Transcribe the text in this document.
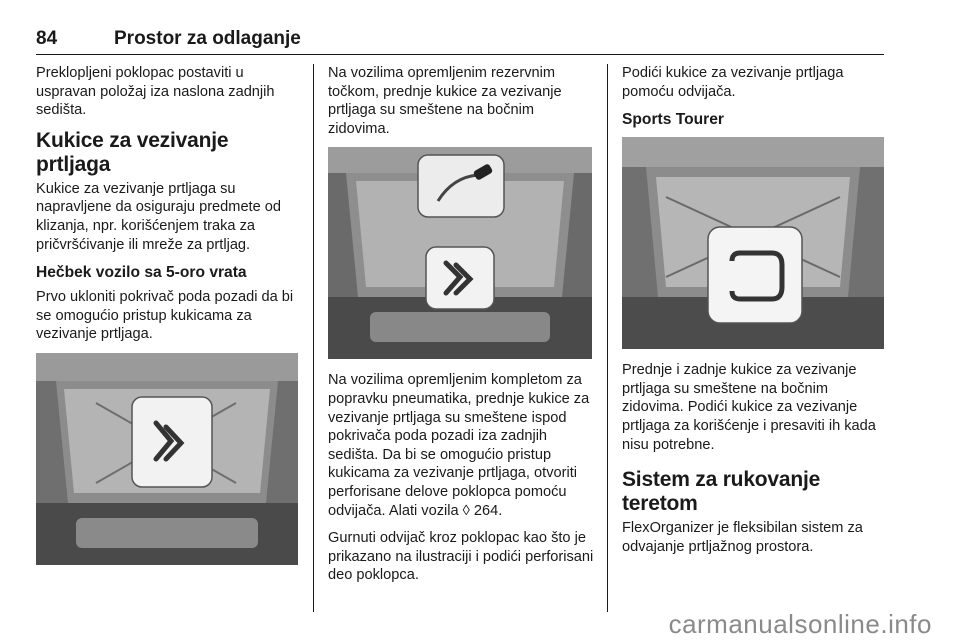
84	Prostor za odlaganje

Preklopljeni poklopac postaviti u uspravan položaj iza naslona zadnjih sedišta.

Kukice za vezivanje prtljaga

Kukice za vezivanje prtljaga su napravljene da osiguraju predmete od klizanja, npr. korišćenjem traka za pričvršćivanje ili mreže za prtljag.

Hečbek vozilo sa 5-oro vrata

Prvo ukloniti pokrivač poda pozadi da bi se omogućio pristup kukicama za vezivanje prtljaga.

Na vozilima opremljenim rezervnim točkom, prednje kukice za vezivanje prtljaga su smeštene na bočnim zidovima.

Na vozilima opremljenim kompletom za popravku pneumatika, prednje kukice za vezivanje prtljaga su smeštene ispod pokrivača poda pozadi iza zadnjih sedišta. Da bi se omogućio pristup kukicama za vezivanje prtljaga, otvoriti perforisane delove poklopca pomoću odvijača. Alati vozila ◊ 264.

Gurnuti odvijač kroz poklopac kao što je prikazano na ilustraciji i podići perforisani deo poklopca.

Podići kukice za vezivanje prtljaga pomoću odvijača.

Sports Tourer

Prednje i zadnje kukice za vezivanje prtljaga su smeštene na bočnim zidovima. Podići kukice za vezivanje prtljaga za korišćenje i presaviti ih kada nisu potrebne.

Sistem za rukovanje teretom

FlexOrganizer je fleksibilan sistem za odvajanje prtljažnog prostora.

carmanualsonline.info
